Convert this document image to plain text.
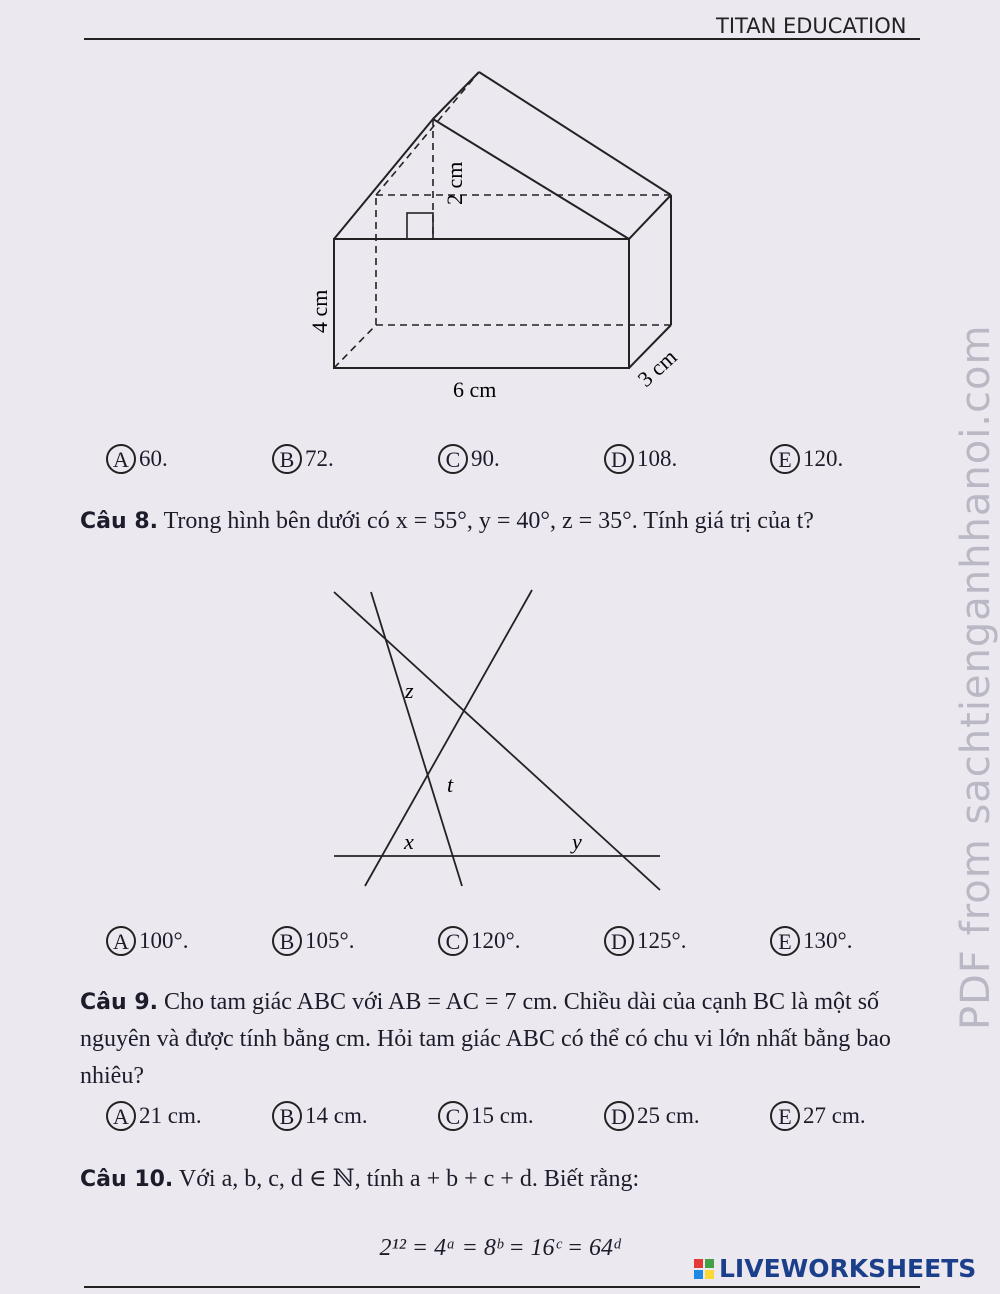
TITAN EDUCATION
PDF from sachtienganhhanoi.com
2 cm
4 cm
6 cm	3 cm
z
t
x	y
A 60.	B 72.	C 90.	D 108.	E 120.
Câu 8. Trong hình bên dưới có x = 55°, y = 40°, z = 35°. Tính giá trị của t?
A 100°.	B 105°.	C 120°.	D 125°.	E 130°.
Câu 9. Cho tam giác ABC với AB = AC = 7 cm. Chiều dài của cạnh BC là một số nguyên và được tính bằng cm. Hỏi tam giác ABC có thể có chu vi lớn nhất bằng bao nhiêu?
A 21 cm.	B 14 cm.	C 15 cm.	D 25 cm.	E 27 cm.
Câu 10. Với a, b, c, d ∈ ℕ, tính a + b + c + d. Biết rằng:
2¹² = 4ᵃ = 8ᵇ = 16ᶜ = 64ᵈ
LIVEWORKSHEETS
